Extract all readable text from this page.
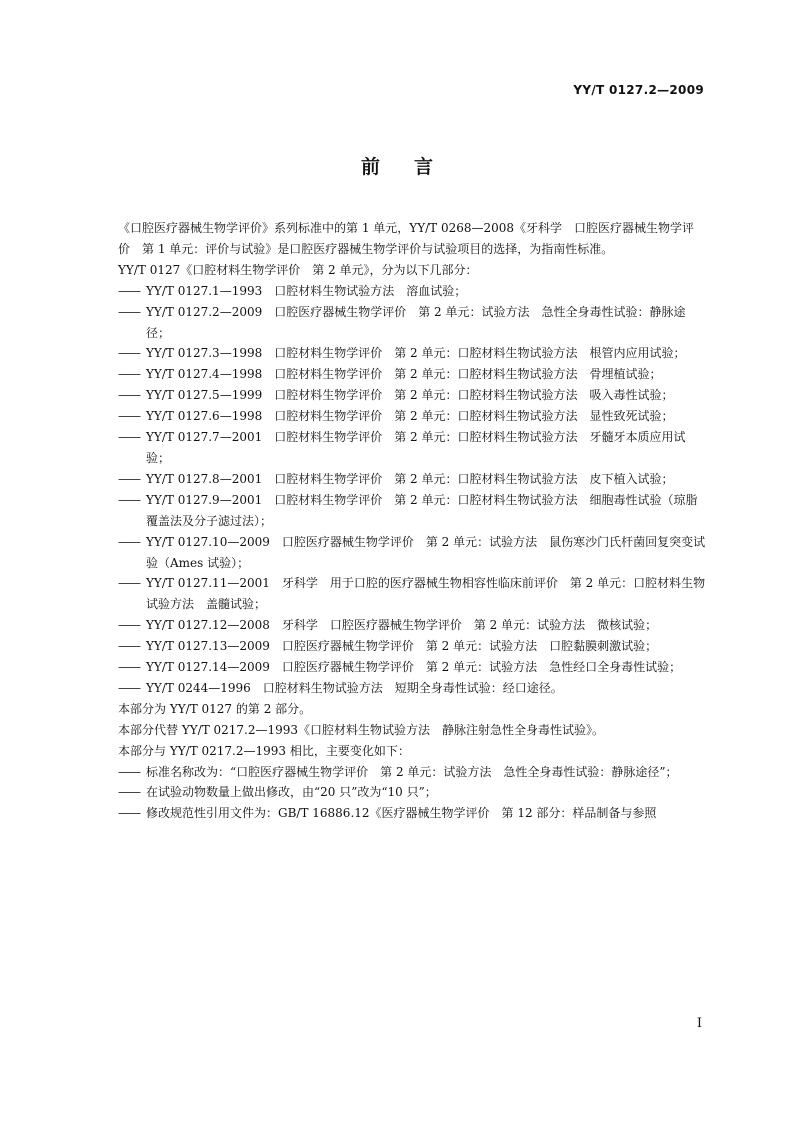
YY/T 0127.2—2009
前言

《口腔医疗器械生物学评价》系列标准中的第 1 单元，YY/T 0268—2008《牙科学　口腔医疗器械生物学评价　第 1 单元：评价与试验》是口腔医疗器械生物学评价与试验项目的选择，为指南性标准。

YY/T 0127《口腔材料生物学评价　第 2 单元》，分为以下几部分：

—— YY/T 0127.1—1993　口腔材料生物试验方法　溶血试验；

—— YY/T 0127.2—2009　口腔医疗器械生物学评价　第 2 单元：试验方法　急性全身毒性试验：静脉途径；

—— YY/T 0127.3—1998　口腔材料生物学评价　第 2 单元：口腔材料生物试验方法　根管内应用试验；

—— YY/T 0127.4—1998　口腔材料生物学评价　第 2 单元：口腔材料生物试验方法　骨埋植试验；

—— YY/T 0127.5—1999　口腔材料生物学评价　第 2 单元：口腔材料生物试验方法　吸入毒性试验；

—— YY/T 0127.6—1998　口腔材料生物学评价　第 2 单元：口腔材料生物试验方法　显性致死试验；

—— YY/T 0127.7—2001　口腔材料生物学评价　第 2 单元：口腔材料生物试验方法　牙髓牙本质应用试验；

—— YY/T 0127.8—2001　口腔材料生物学评价　第 2 单元：口腔材料生物试验方法　皮下植入试验；

—— YY/T 0127.9—2001　口腔材料生物学评价　第 2 单元：口腔材料生物试验方法　细胞毒性试验（琼脂覆盖法及分子滤过法）；

—— YY/T 0127.10—2009　口腔医疗器械生物学评价　第 2 单元：试验方法　鼠伤寒沙门氏杆菌回复突变试验（Ames 试验）；

—— YY/T 0127.11—2001　牙科学　用于口腔的医疗器械生物相容性临床前评价　第 2 单元：口腔材料生物试验方法　盖髓试验；

—— YY/T 0127.12—2008　牙科学　口腔医疗器械生物学评价　第 2 单元：试验方法　微核试验；

—— YY/T 0127.13—2009　口腔医疗器械生物学评价　第 2 单元：试验方法　口腔黏膜刺激试验；

—— YY/T 0127.14—2009　口腔医疗器械生物学评价　第 2 单元：试验方法　急性经口全身毒性试验；

—— YY/T 0244—1996　口腔材料生物试验方法　短期全身毒性试验：经口途径。

本部分为 YY/T 0127 的第 2 部分。

本部分代替 YY/T 0217.2—1993《口腔材料生物试验方法　静脉注射急性全身毒性试验》。

本部分与 YY/T 0217.2—1993 相比，主要变化如下：

—— 标准名称改为：“口腔医疗器械生物学评价　第 2 单元：试验方法　急性全身毒性试验：静脉途径”；

—— 在试验动物数量上做出修改，由“20 只”改为“10 只”；

—— 修改规范性引用文件为：GB/T 16886.12《医疗器械生物学评价　第 12 部分：样品制备与参照

I
